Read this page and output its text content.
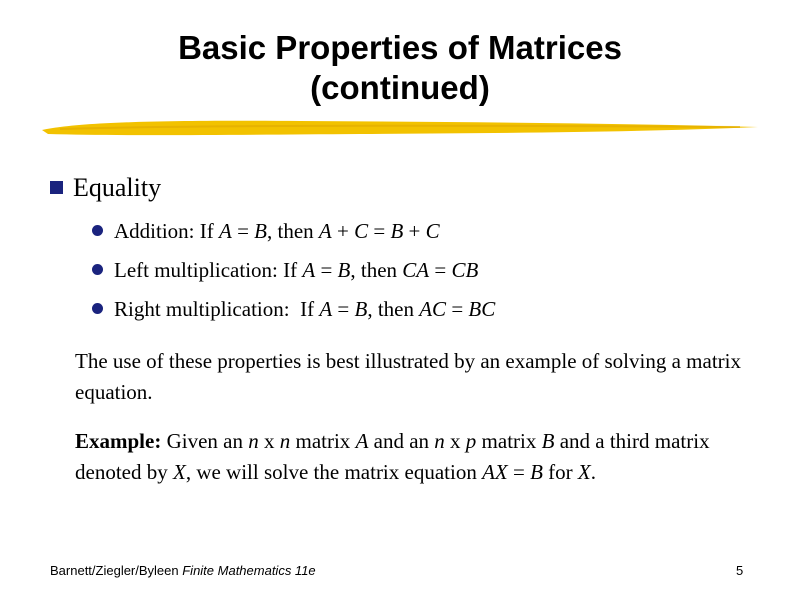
Basic Properties of Matrices
(continued)
Equality
Addition: If A = B, then A + C = B + C
Left multiplication: If A = B, then CA = CB
Right multiplication:  If A = B, then AC = BC

The use of these properties is best illustrated by an example of solving a matrix equation.

Example: Given an n x n matrix A and an n x p matrix B and a third matrix denoted by X, we will solve the matrix equation AX = B for X.

Barnett/Ziegler/Byleen Finite Mathematics 11e	5
